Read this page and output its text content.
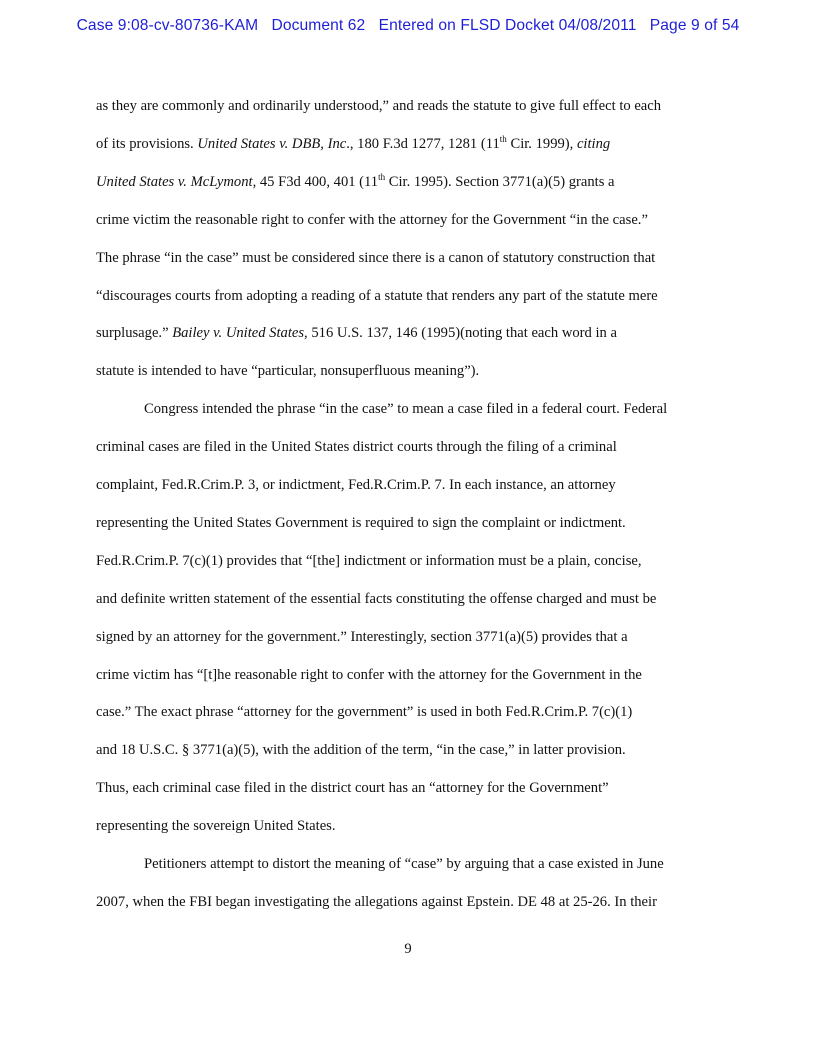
Case 9:08-cv-80736-KAM   Document 62   Entered on FLSD Docket 04/08/2011   Page 9 of 54
as they are commonly and ordinarily understood,” and reads the statute to give full effect to each
of its provisions. United States v. DBB, Inc., 180 F.3d 1277, 1281 (11th Cir. 1999), citing
United States v. McLymont, 45 F3d 400, 401 (11th Cir. 1995). Section 3771(a)(5) grants a
crime victim the reasonable right to confer with the attorney for the Government “in the case.”
The phrase “in the case” must be considered since there is a canon of statutory construction that
“discourages courts from adopting a reading of a statute that renders any part of the statute mere
surplusage.” Bailey v. United States, 516 U.S. 137, 146 (1995)(noting that each word in a
statute is intended to have “particular, nonsuperfluous meaning”).
Congress intended the phrase “in the case” to mean a case filed in a federal court. Federal
criminal cases are filed in the United States district courts through the filing of a criminal
complaint, Fed.R.Crim.P. 3, or indictment, Fed.R.Crim.P. 7. In each instance, an attorney
representing the United States Government is required to sign the complaint or indictment.
Fed.R.Crim.P. 7(c)(1) provides that “[the] indictment or information must be a plain, concise,
and definite written statement of the essential facts constituting the offense charged and must be
signed by an attorney for the government.” Interestingly, section 3771(a)(5) provides that a
crime victim has “[t]he reasonable right to confer with the attorney for the Government in the
case.” The exact phrase “attorney for the government” is used in both Fed.R.Crim.P. 7(c)(1)
and 18 U.S.C. § 3771(a)(5), with the addition of the term, “in the case,” in latter provision.
Thus, each criminal case filed in the district court has an “attorney for the Government”
representing the sovereign United States.
Petitioners attempt to distort the meaning of “case” by arguing that a case existed in June
2007, when the FBI began investigating the allegations against Epstein. DE 48 at 25-26. In their
9
